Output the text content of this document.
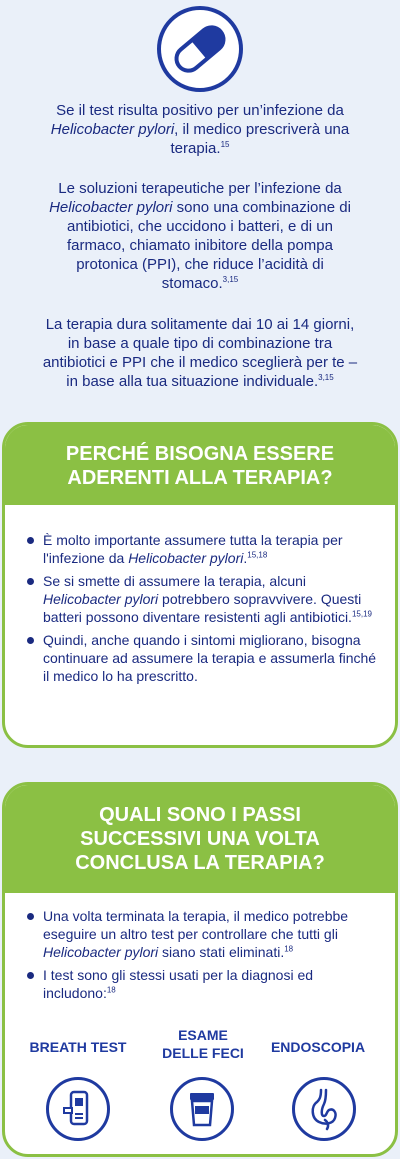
Se il test risulta positivo per un’infezione da Helicobacter pylori, il medico prescriverà una terapia.$^{15}$

Le soluzioni terapeutiche per l’infezione da Helicobacter pylori sono una combinazione di antibiotici, che uccidono i batteri, e di un farmaco, chiamato inibitore della pompa protonica (PPI), che riduce l’acidità di stomaco.$^{3,15}$

La terapia dura solitamente dai 10 ai 14 giorni, in base a quale tipo di combinazione tra antibiotici e PPI che il medico sceglierà per te – in base alla tua situazione individuale.$^{3,15}$

PERCHÉ BISOGNA ESSERE
ADERENTI ALLA TERAPIA?
È molto importante assumere tutta la terapia per l'infezione da Helicobacter pylori.$^{15,18}$
Se si smette di assumere la terapia, alcuni Helicobacter pylori potrebbero sopravvivere. Questi batteri possono diventare resistenti agli antibiotici.$^{15,19}$
Quindi, anche quando i sintomi migliorano, bisogna continuare ad assumere la terapia e assumerla finché il medico lo ha prescritto.
QUALI SONO I PASSI
SUCCESSIVI UNA VOLTA
CONCLUSA LA TERAPIA?
Una volta terminata la terapia, il medico potrebbe eseguire un altro test per controllare che tutti gli Helicobacter pylori siano stati eliminati.$^{18}$
I test sono gli stessi usati per la diagnosi ed includono:$^{18}$
BREATH TEST
ESAME
DELLE FECI	ENDOSCOPIA
